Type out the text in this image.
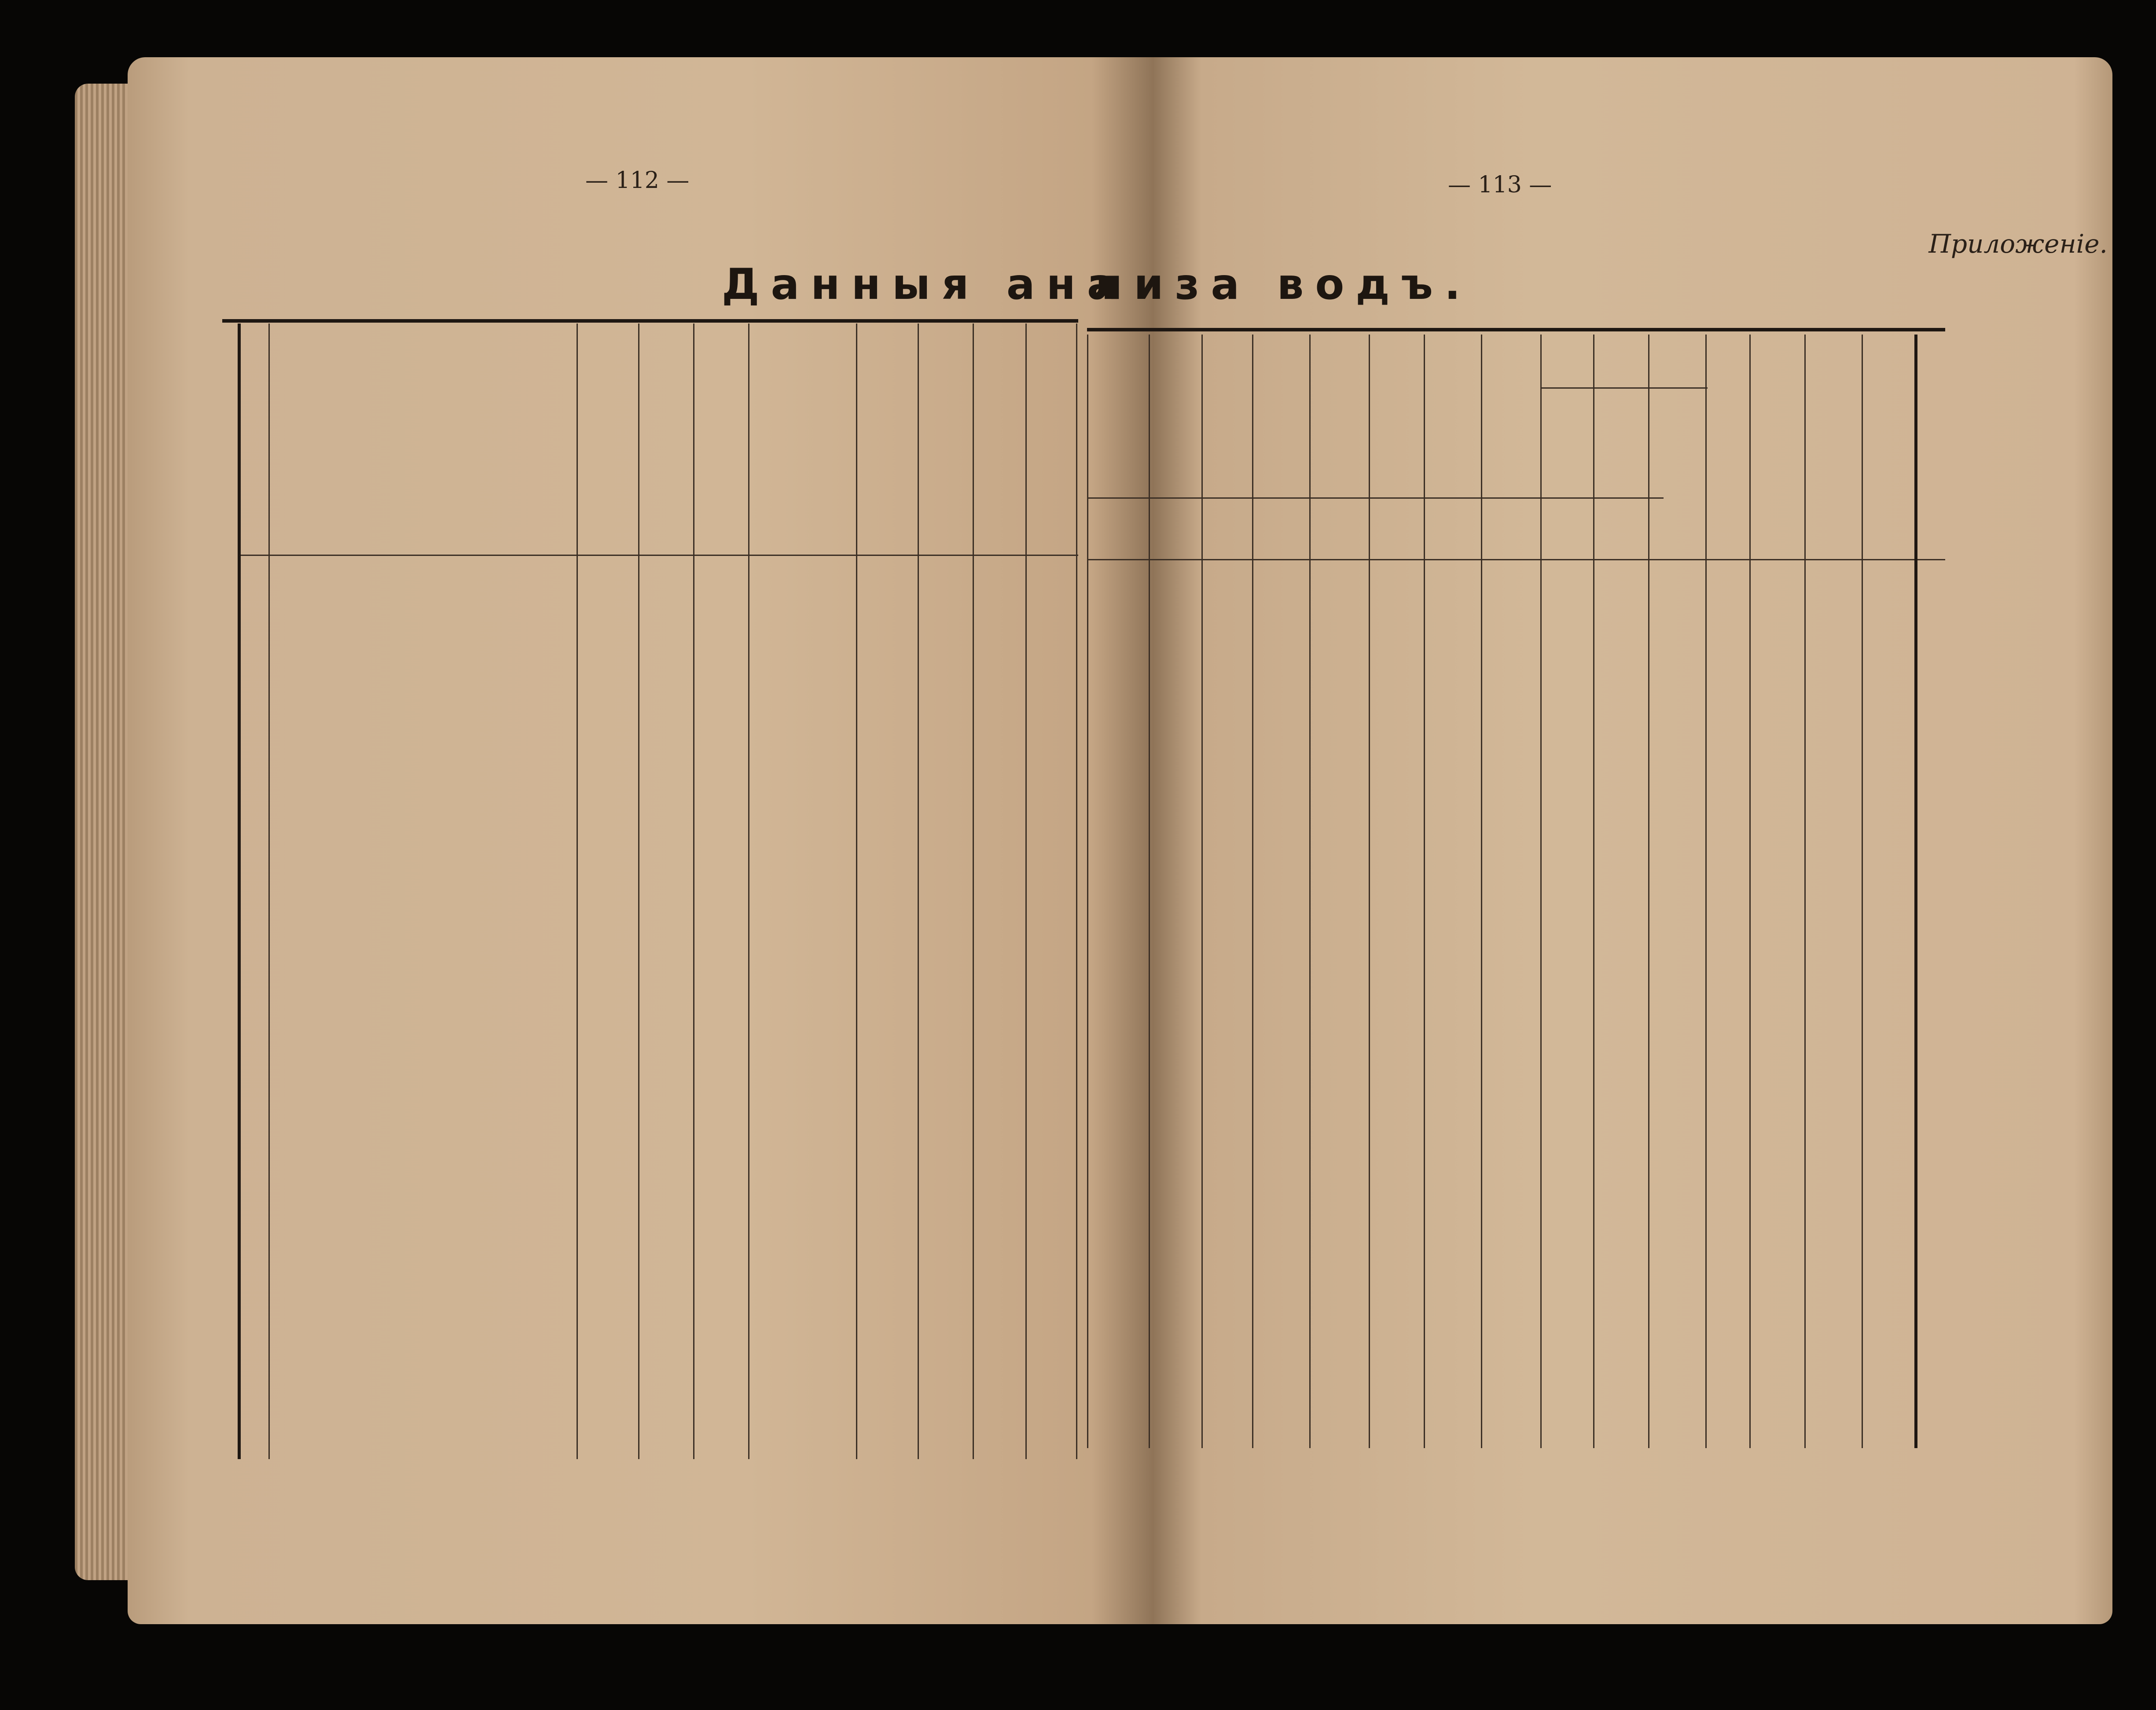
— 112 —	— 113 —
Приложеніе.
Данныя ана
лиза водъ.
